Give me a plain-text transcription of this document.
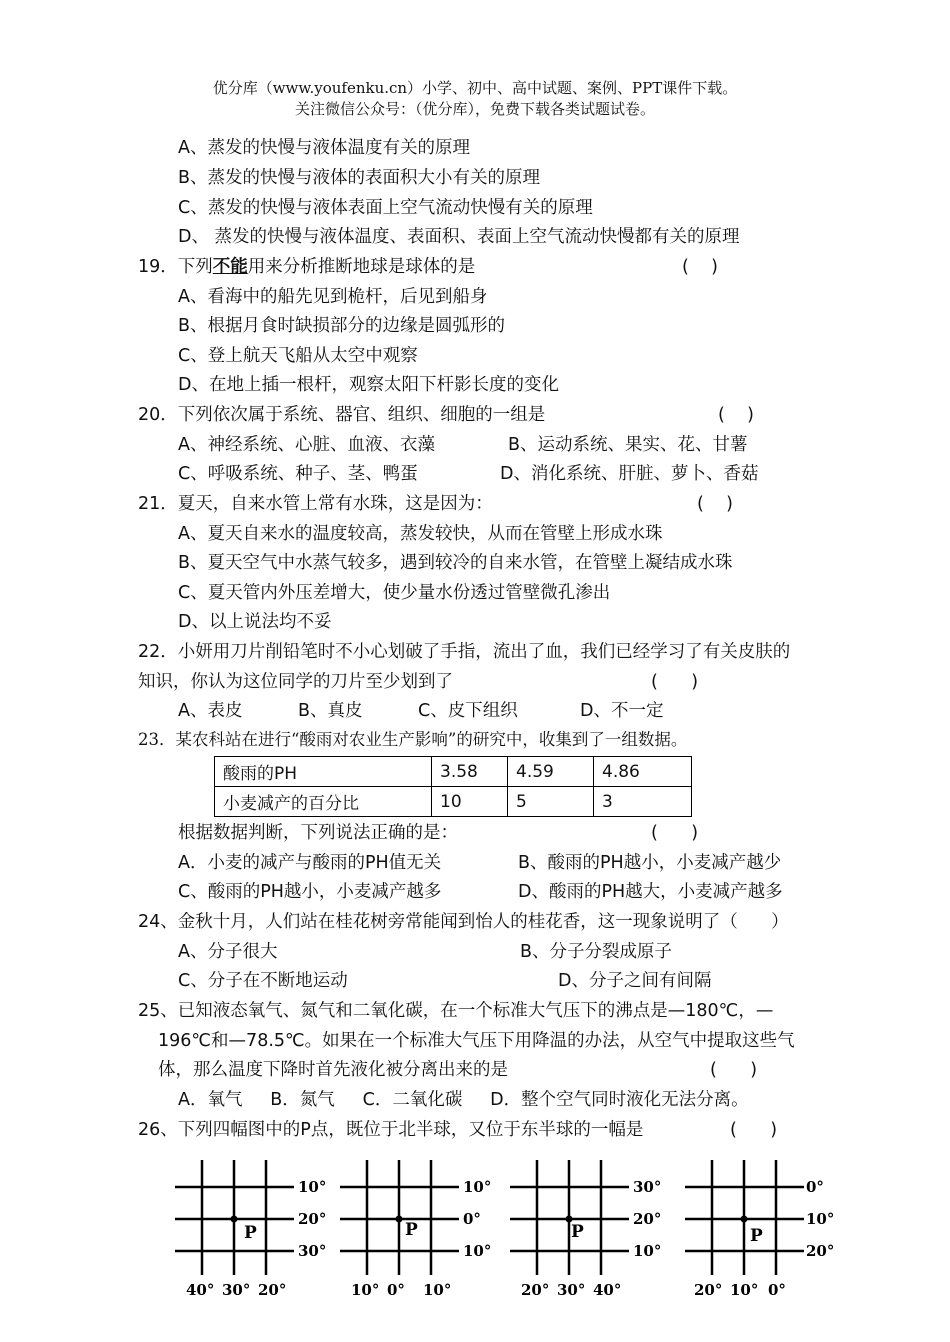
优分库（www.youfenku.cn）小学、初中、高中试题、案例、PPT课件下载。
关注微信公众号：（优分库），免费下载各类试题试卷。
A、蒸发的快慢与液体温度有关的原理
B、蒸发的快慢与液体的表面积大小有关的原理
C、蒸发的快慢与液体表面上空气流动快慢有关的原理
D、 蒸发的快慢与液体温度、表面积、表面上空气流动快慢都有关的原理
19．下列不能用来分析推断地球是球体的是	(    )
A、看海中的船先见到桅杆，后见到船身
B、根据月食时缺损部分的边缘是圆弧形的
C、登上航天飞船从太空中观察
D、在地上插一根杆，观察太阳下杆影长度的变化
20．下列依次属于系统、器官、组织、细胞的一组是	(    )
A、神经系统、心脏、血液、衣藻	B、运动系统、果实、花、甘薯
C、呼吸系统、种子、茎、鸭蛋	D、消化系统、肝脏、萝卜、香菇
21．夏天，自来水管上常有水珠，这是因为：	(    )
A、夏天自来水的温度较高，蒸发较快，从而在管壁上形成水珠
B、夏天空气中水蒸气较多，遇到较冷的自来水管，在管壁上凝结成水珠
C、夏天管内外压差增大，使少量水份透过管壁微孔渗出
D、以上说法均不妥
22．小妍用刀片削铅笔时不小心划破了手指，流出了血，我们已经学习了有关皮肤的
知识，你认为这位同学的刀片至少划到了	(      )
A、表皮	B、真皮	C、皮下组织	D、不一定
23．某农科站在进行“酸雨对农业生产影响”的研究中，收集到了一组数据。
酸雨的PH	3.58	4.59	4.86
小麦减产的百分比	10	5	3
根据数据判断，下列说法正确的是：	(      )
A．小麦的减产与酸雨的PH值无关	B、酸雨的PH越小，小麦减产越少
C、酸雨的PH越小，小麦减产越多	D、酸雨的PH越大，小麦减产越多
24、金秋十月，人们站在桂花树旁常能闻到怡人的桂花香，这一现象说明了（      ）
A、分子很大	B、分子分裂成原子
C、分子在不断地运动	D、分子之间有间隔
25、已知液态氧气、氮气和二氧化碳，在一个标准大气压下的沸点是—180℃，—
196℃和—78.5℃。如果在一个标准大气压下用降温的办法，从空气中提取这些气
体，那么温度下降时首先液化被分离出来的是	(      )
A．氧气     B．氮气     C．二氧化碳     D．整个空气同时液化无法分离。
26、下列四幅图中的P点，既位于北半球，又位于东半球的一幅是	(      )
P
10°
20°
30°
40° 30° 20°
P
10°
0°
10°
10° 0° 10°
P
30°
20°
10°
20° 30° 40°
P
0°
10°
20°
20° 10° 0°
